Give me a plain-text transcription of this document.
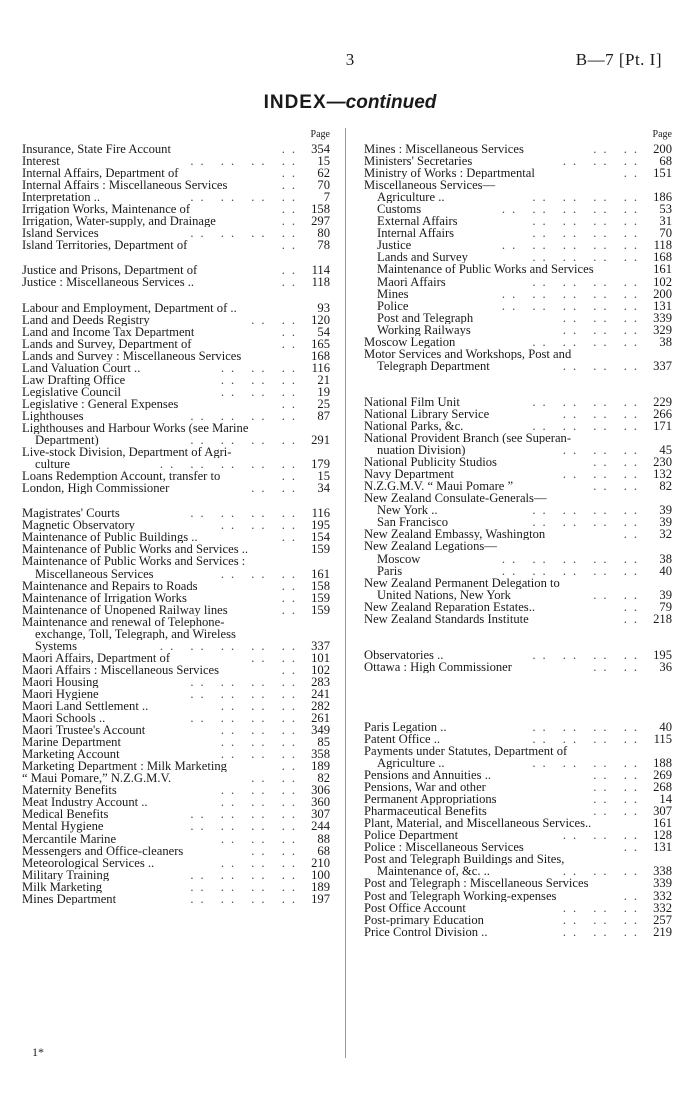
3	B—7 [Pt. I]
INDEX—continued
Page
Insurance, State Fire Account	.. 354
Interest	.. .. .. ..	15
Internal Affairs, Department of	..	62
Internal Affairs : Miscellaneous Services	..	70
Interpretation ..	.. .. .. ..	7
Irrigation Works, Maintenance of	.. 158
Irrigation, Water-supply, and Drainage	.. 297
Island Services	.. .. .. ..	80
Island Territories, Department of	..	78
Justice and Prisons, Department of	.. 114
Justice : Miscellaneous Services ..	.. 118
Labour and Employment, Department of ..	93
Land and Deeds Registry	.. .. 120
Land and Income Tax Department	..	54
Lands and Survey, Department of	.. 165
Lands and Survey : Miscellaneous Services	168
Land Valuation Court ..	.. .. .. 116
Law Drafting Office	.. .. ..	21
Legislative Council	.. .. ..	19
Legislative : General Expenses	..	25
Lighthouses	.. .. .. ..	87
Lighthouses and Harbour Works (see Marine
Department)	.. .. .. .. 291
Live-stock Division, Department of Agri-
culture	.. .. .. .. .. 179
Loans Redemption Account, transfer to	..	15
London, High Commissioner	.. ..	34
Magistrates' Courts	.. .. .. .. 116
Magnetic Observatory	.. .. .. 195
Maintenance of Public Buildings ..	.. 154
Maintenance of Public Works and Services ..	159
Maintenance of Public Works and Services :
Miscellaneous Services	.. .. .. 161
Maintenance and Repairs to Roads	.. 158
Maintenance of Irrigation Works	.. 159
Maintenance of Unopened Railway lines	.. 159
Maintenance and renewal of Telephone-
exchange, Toll, Telegraph, and Wireless
Systems	.. .. .. .. .. 337
Maori Affairs, Department of	.. .. 101
Maori Affairs : Miscellaneous Services	.. 102
Maori Housing	.. .. .. .. 283
Maori Hygiene	.. .. .. .. 241
Maori Land Settlement ..	.. .. .. 282
Maori Schools ..	.. .. .. .. 261
Maori Trustee's Account	.. .. .. 349
Marine Department	.. .. ..	85
Marketing Account	.. .. .. 358
Marketing Department : Milk Marketing	.. 189
“ Maui Pomare,” N.Z.G.M.V.	.. ..	82
Maternity Benefits	.. .. .. 306
Meat Industry Account ..	.. .. .. 360
Medical Benefits	.. .. .. .. 307
Mental Hygiene	.. .. .. .. 244
Mercantile Marine	.. .. ..	88
Messengers and Office-cleaners	.. ..	68
Meteorological Services ..	.. .. .. 210
Military Training	.. .. .. .. 100
Milk Marketing	.. .. .. .. 189
Mines Department	.. .. .. .. 197
Page
Mines : Miscellaneous Services	.. .. 200
Ministers' Secretaries	.. .. ..	68
Ministry of Works : Departmental	.. 151
Miscellaneous Services—
Agriculture ..	.. .. .. .. 186
Customs	.. .. .. .. ..	53
External Affairs	.. .. .. ..	31
Internal Affairs	.. .. .. ..	70
Justice	.. .. .. .. .. 118
Lands and Survey	.. .. .. .. 168
Maintenance of Public Works and Services	161
Maori Affairs	.. .. .. .. 102
Mines	.. .. .. .. .. 200
Police	.. .. .. .. .. 131
Post and Telegraph	.. .. .. 339
Working Railways	.. .. .. 329
Moscow Legation	.. .. .. ..	38
Motor Services and Workshops, Post and
Telegraph Department	.. .. .. 337
National Film Unit	.. .. .. .. 229
National Library Service	.. .. .. 266
National Parks, &c.	.. .. .. .. 171
National Provident Branch (see Superan-
nuation Division)	.. .. ..	45
National Publicity Studios	.. .. 230
Navy Department	.. .. .. 132
N.Z.G.M.V. “ Maui Pomare ”	.. ..	82
New Zealand Consulate-Generals—
New York ..	.. .. .. ..	39
San Francisco	.. .. .. ..	39
New Zealand Embassy, Washington	..	32
New Zealand Legations—
Moscow	.. .. .. .. ..	38
Paris	.. .. .. .. ..	40
New Zealand Permanent Delegation to
United Nations, New York	.. ..	39
New Zealand Reparation Estates..	..	79
New Zealand Standards Institute	.. 218
Observatories ..	.. .. .. .. 195
Ottawa : High Commissioner	.. ..	36
Paris Legation ..	.. .. .. ..	40
Patent Office ..	.. .. .. .. 115
Payments under Statutes, Department of
Agriculture ..	.. .. .. .. 188
Pensions and Annuities ..	.. .. 269
Pensions, War and other	.. .. 268
Permanent Appropriations	.. ..	14
Pharmaceutical Benefits	.. .. 307
Plant, Material, and Miscellaneous Services..	161
Police Department	.. .. .. 128
Police : Miscellaneous Services	.. 131
Post and Telegraph Buildings and Sites,
Maintenance of, &c. ..	.. .. .. 338
Post and Telegraph : Miscellaneous Services	339
Post and Telegraph Working-expenses	.. 332
Post Office Account	.. .. .. 332
Post-primary Education	.. .. .. 257
Price Control Division ..	.. .. .. 219
1*
